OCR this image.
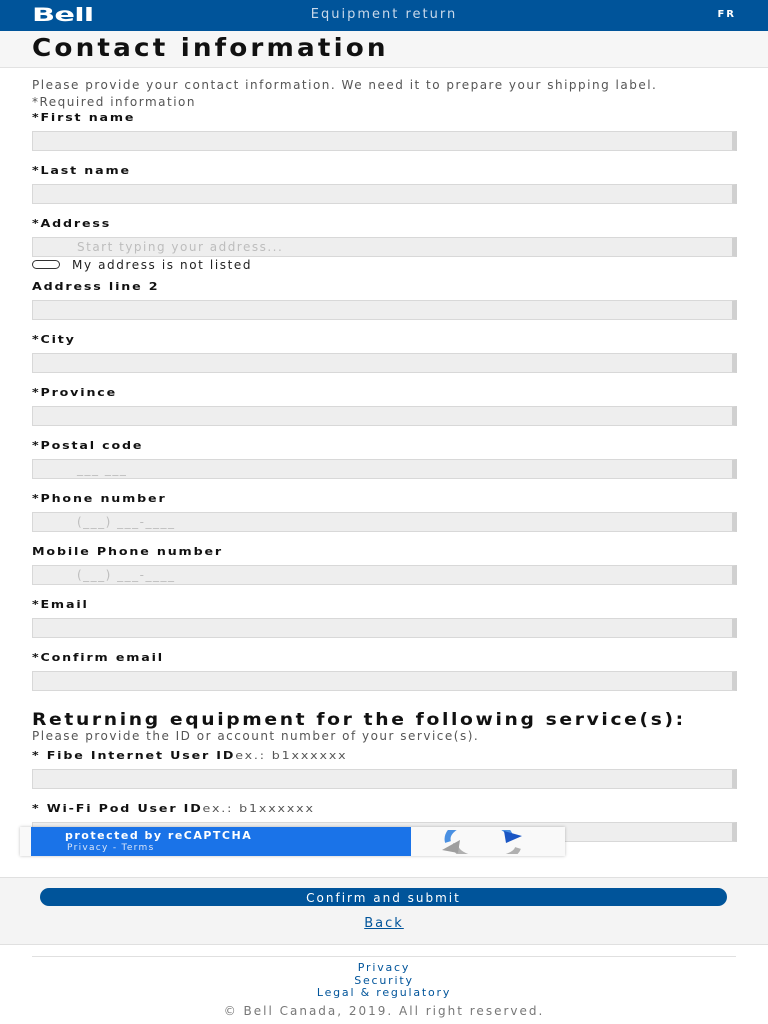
Bell	Equipment return	FR
Contact information
Please provide your contact information. We need it to prepare your shipping label.
*Required information
*First name
*Last name
*Address
Start typing your address...
My address is not listed
Address line 2
*City
*Province
*Postal code
___ ___
*Phone number
(___) ___-____
Mobile Phone number
(___) ___-____
*Email
*Confirm email
Returning equipment for the following service(s):
Please provide the ID or account number of your service(s).
* Fibe Internet User IDex.: b1xxxxxx
* Wi-Fi Pod User IDex.: b1xxxxxx
protected by reCAPTCHA
Privacy - Terms
Confirm and submit
Back
Privacy
Security
Legal & regulatory
© Bell Canada, 2019. All right reserved.
